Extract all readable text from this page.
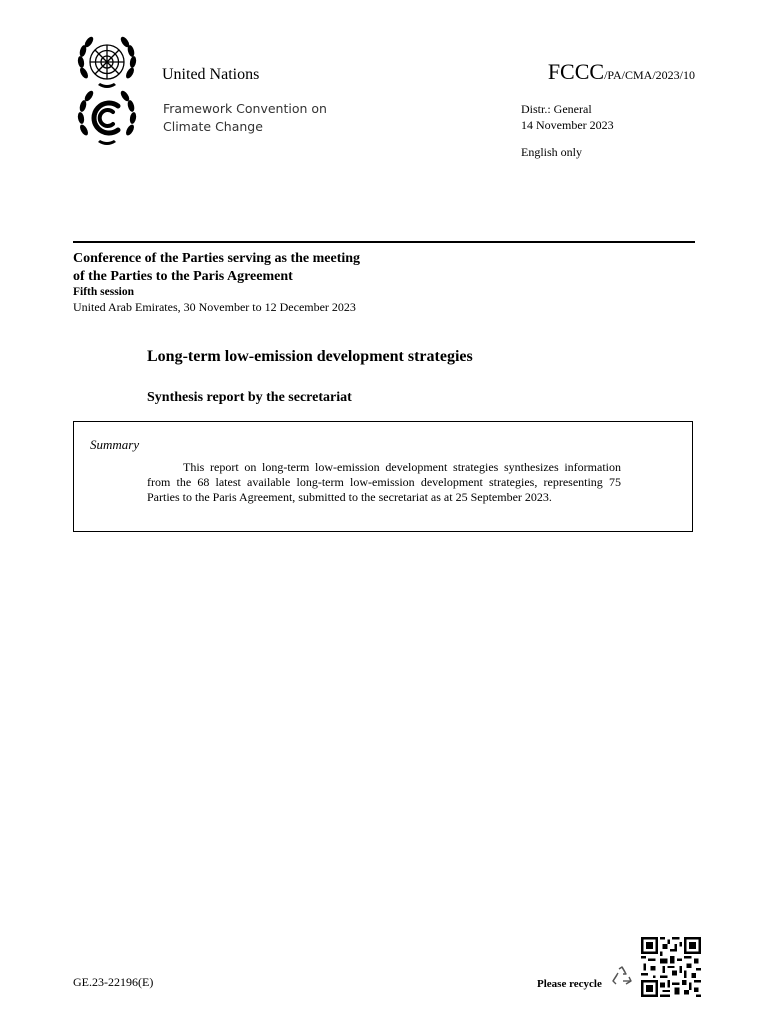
United Nations
Framework Convention on
Climate Change
FCCC/PA/CMA/2023/10
Distr.: General
14 November 2023
English only
Conference of the Parties serving as the meeting
of the Parties to the Paris Agreement
Fifth session
United Arab Emirates, 30 November to 12 December 2023
Long-term low-emission development strategies
Synthesis report by the secretariat
Summary

This report on long-term low-emission development strategies synthesizes information from the 68 latest available long-term low-emission development strategies, representing 75 Parties to the Paris Agreement, submitted to the secretariat as at 25 September 2023.

GE.23-22196(E)	Please recycle
